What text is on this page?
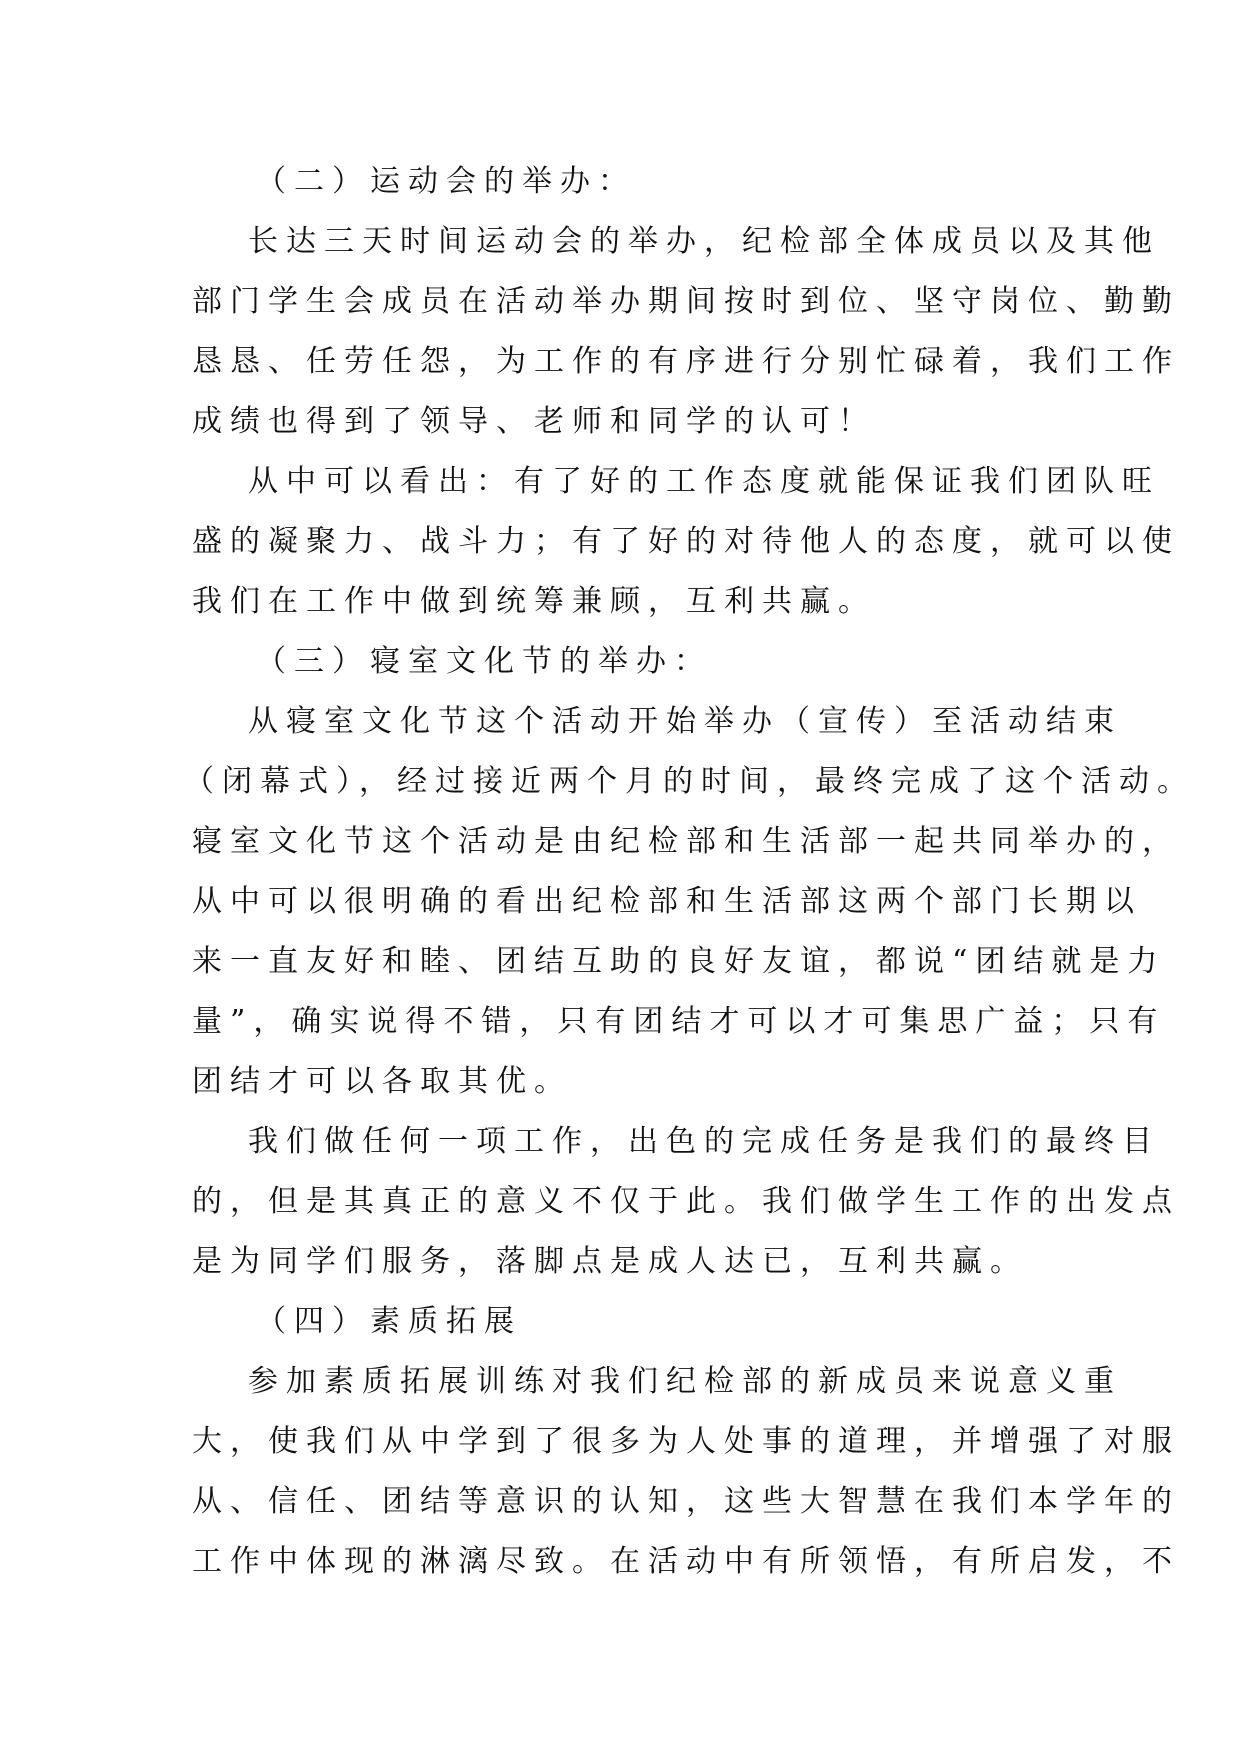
（二）运动会的举办：
长达三天时间运动会的举办，纪检部全体成员以及其他
部门学生会成员在活动举办期间按时到位、坚守岗位、勤勤
恳恳、任劳任怨，为工作的有序进行分别忙碌着，我们工作
成绩也得到了领导、老师和同学的认可！
从中可以看出：有了好的工作态度就能保证我们团队旺
盛的凝聚力、战斗力；有了好的对待他人的态度，就可以使
我们在工作中做到统筹兼顾，互利共赢。
（三）寝室文化节的举办：
从寝室文化节这个活动开始举办（宣传）至活动结束
（闭幕式），经过接近两个月的时间，最终完成了这个活动。
寝室文化节这个活动是由纪检部和生活部一起共同举办的，
从中可以很明确的看出纪检部和生活部这两个部门长期以
来一直友好和睦、团结互助的良好友谊，都说“团结就是力
量”，确实说得不错，只有团结才可以才可集思广益；只有
团结才可以各取其优。
我们做任何一项工作，出色的完成任务是我们的最终目
的，但是其真正的意义不仅于此。我们做学生工作的出发点
是为同学们服务，落脚点是成人达已，互利共赢。
（四）素质拓展
参加素质拓展训练对我们纪检部的新成员来说意义重
大，使我们从中学到了很多为人处事的道理，并增强了对服
从、信任、团结等意识的认知，这些大智慧在我们本学年的
工作中体现的淋漓尽致。在活动中有所领悟，有所启发，不
